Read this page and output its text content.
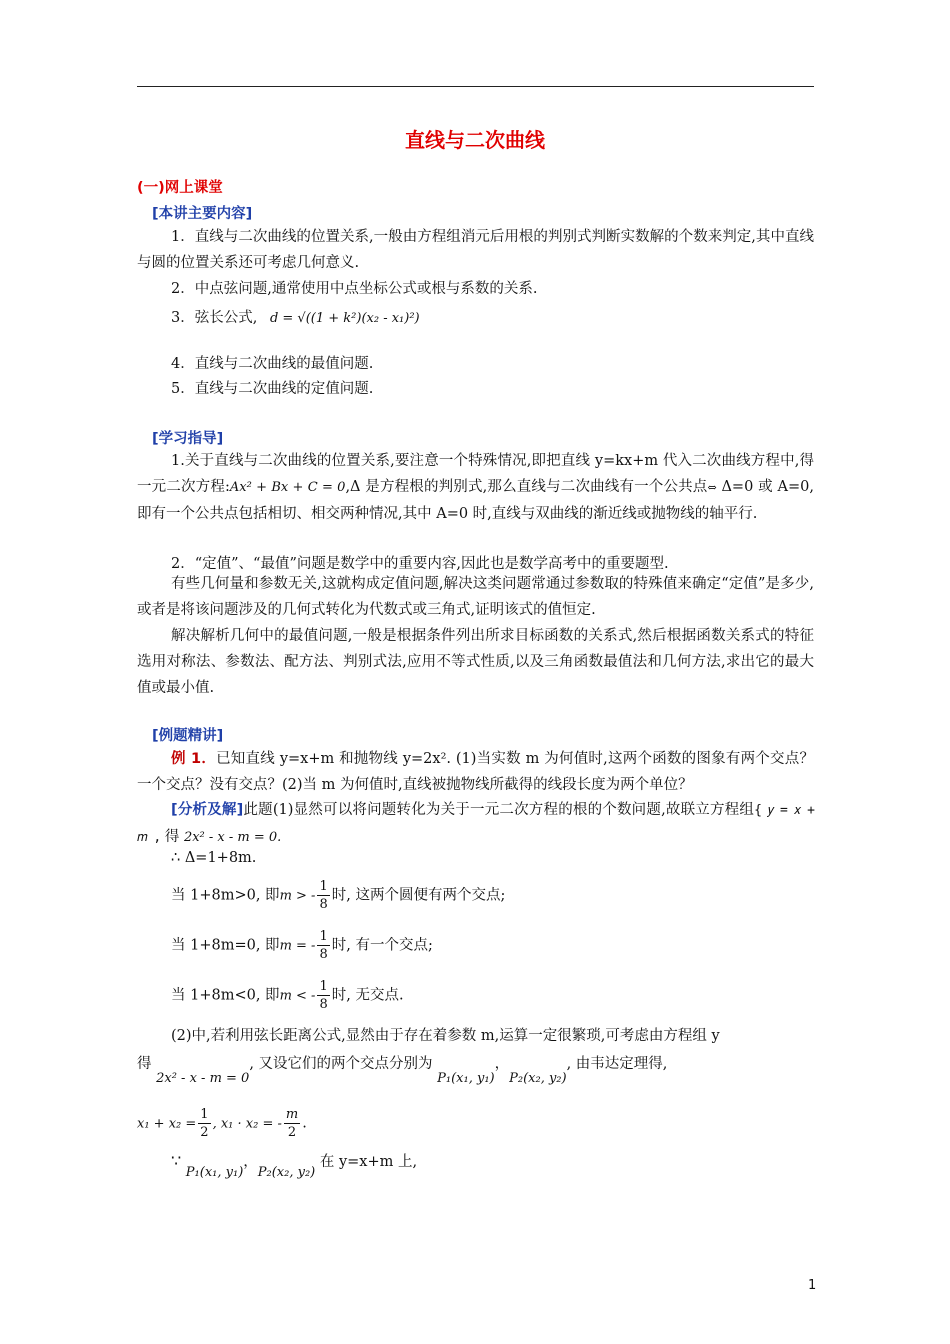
直线与二次曲线
(一)网上课堂
[本讲主要内容]
1．直线与二次曲线的位置关系,一般由方程组消元后用根的判别式判断实数解的个数来判定,其中直线与圆的位置关系还可考虑几何意义.
2．中点弦问题,通常使用中点坐标公式或根与系数的关系.
3．弦长公式, d = √((1 + k²)(x₂ - x₁)²)
4．直线与二次曲线的最值问题.
5．直线与二次曲线的定值问题.
[学习指导]
1.关于直线与二次曲线的位置关系,要注意一个特殊情况,即把直线 y=kx+m 代入二次曲线方程中,得一元二次方程:Ax² + Bx + C = 0,Δ 是方程根的判别式,那么直线与二次曲线有一个公共点⇔ Δ=0 或 A=0,即有一个公共点包括相切、相交两种情况,其中 A=0 时,直线与双曲线的渐近线或抛物线的轴平行.
2．“定值”、“最值”问题是数学中的重要内容,因此也是数学高考中的重要题型.
有些几何量和参数无关,这就构成定值问题,解决这类问题常通过参数取的特殊值来确定“定值”是多少,或者是将该问题涉及的几何式转化为代数式或三角式,证明该式的值恒定.
解决解析几何中的最值问题,一般是根据条件列出所求目标函数的关系式,然后根据函数关系式的特征选用对称法、参数法、配方法、判别式法,应用不等式性质,以及三角函数最值法和几何方法,求出它的最大值或最小值.
[例题精讲]
例 1．已知直线 y=x+m 和抛物线 y=2x². (1)当实数 m 为何值时,这两个函数的图象有两个交点？一个交点？没有交点？(2)当 m 为何值时,直线被抛物线所截得的线段长度为两个单位？
[分析及解]此题(1)显然可以将问题转化为关于一元二次方程的根的个数问题,故联立方程组{ 𝑦 = 𝑥 + 𝑚 , 得 2x² - x - m = 0.
∴ Δ=1+8m.
当 1+8m>0, 即m > - $\frac{1}{8}$ 时, 这两个圆便有两个交点;
当 1+8m=0, 即m = - $\frac{1}{8}$ 时, 有一个交点;
当 1+8m<0, 即m < - $\frac{1}{8}$ 时, 无交点.
(2)中,若利用弦长距离公式,显然由于存在着参数 m,运算一定很繁琐,可考虑由方程组 y
得 2x² - x - m = 0, 又设它们的两个交点分别为 P₁(x₁, y₁)，P₂(x₂, y₂), 由韦达定理得,
$x_1 + x_2 = \frac{1}{2}$ , x₁ · x₂ = - $\frac{m}{2}$ .
∵ P₁(x₁, y₁)，P₂(x₂, y₂) 在 y=x+m 上,
1
